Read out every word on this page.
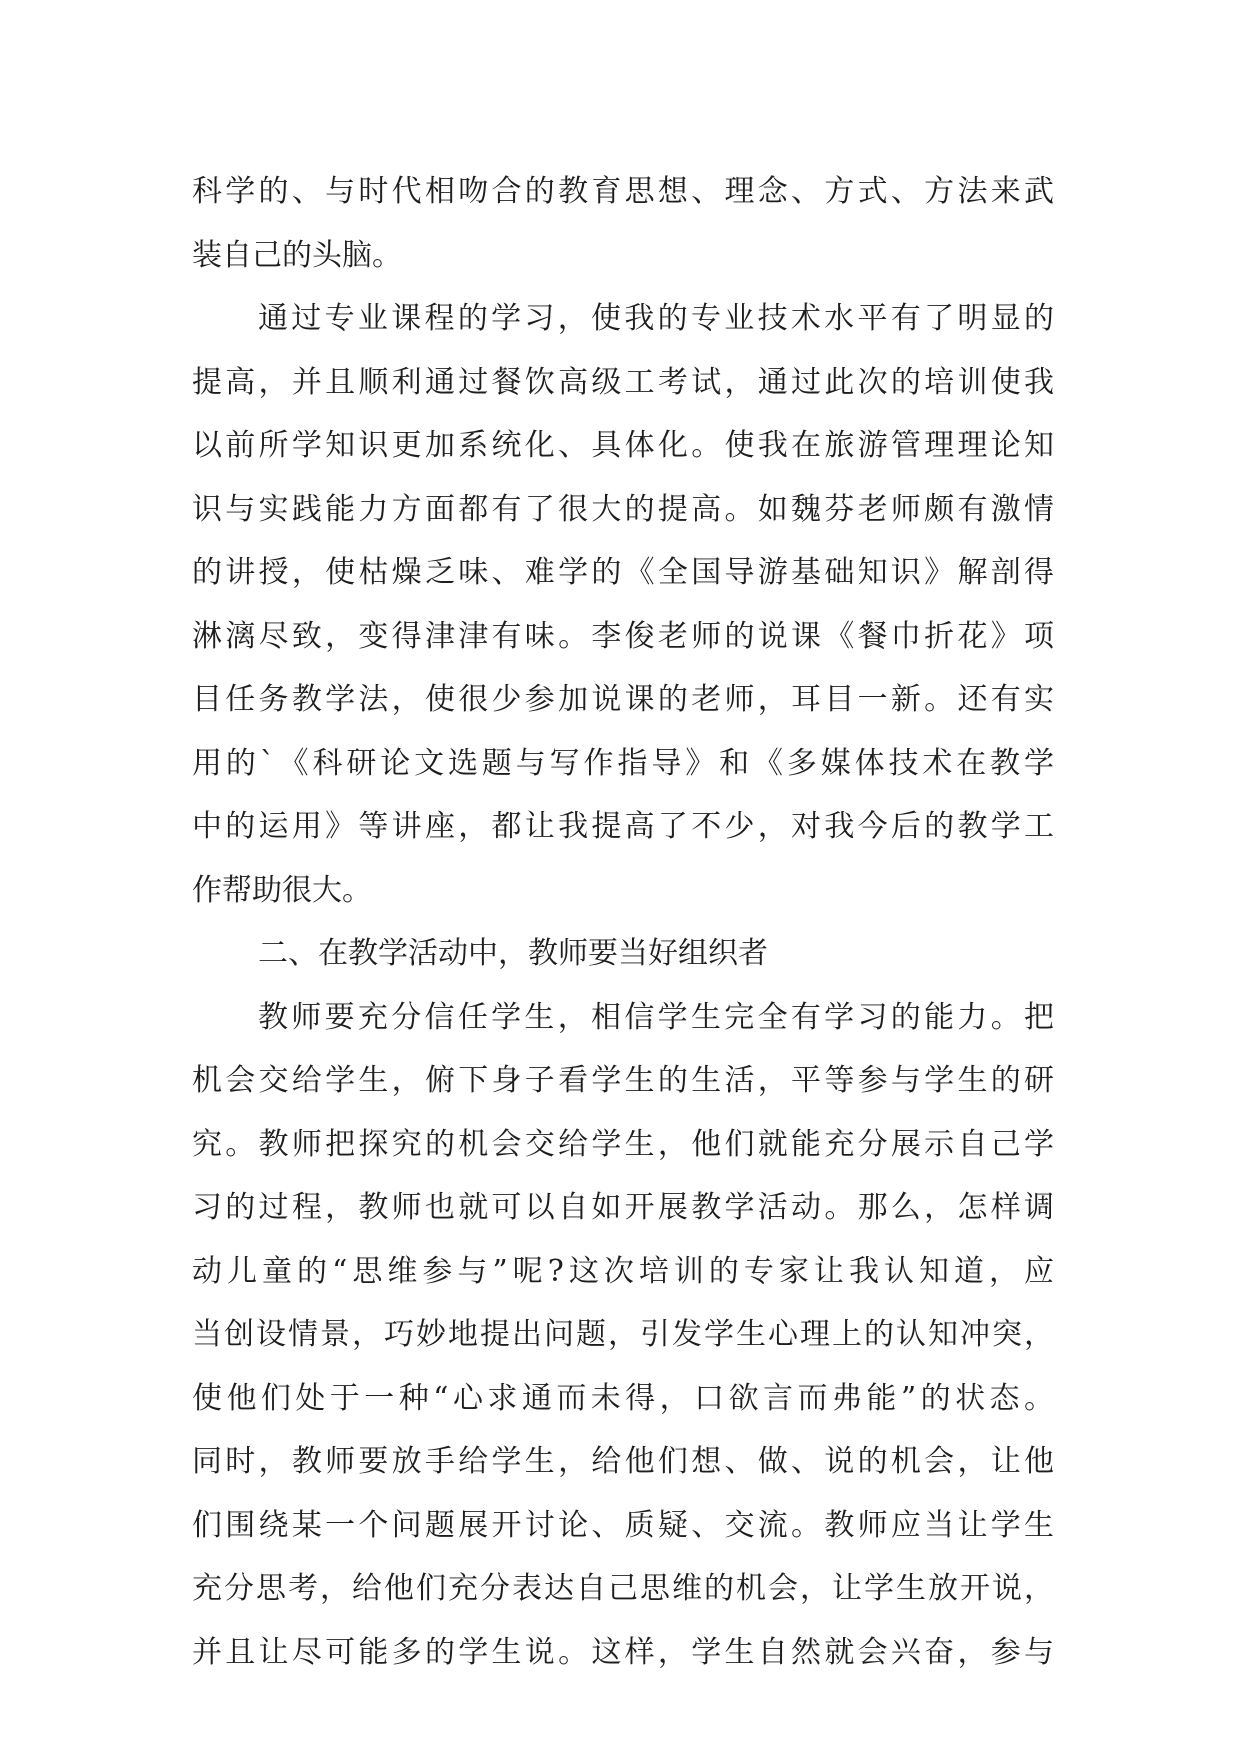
科学的、与时代相吻合的教育思想、理念、方式、方法来武
装自己的头脑。
通过专业课程的学习，使我的专业技术水平有了明显的
提高，并且顺利通过餐饮高级工考试，通过此次的培训使我
以前所学知识更加系统化、具体化。使我在旅游管理理论知
识与实践能力方面都有了很大的提高。如魏芬老师颇有激情
的讲授，使枯燥乏味、难学的《全国导游基础知识》解剖得
淋漓尽致，变得津津有味。李俊老师的说课《餐巾折花》项
目任务教学法，使很少参加说课的老师，耳目一新。还有实
用的`《科研论文选题与写作指导》和《多媒体技术在教学
中的运用》等讲座，都让我提高了不少，对我今后的教学工
作帮助很大。
二、在教学活动中，教师要当好组织者
教师要充分信任学生，相信学生完全有学习的能力。把
机会交给学生，俯下身子看学生的生活，平等参与学生的研
究。教师把探究的机会交给学生，他们就能充分展示自己学
习的过程，教师也就可以自如开展教学活动。那么，怎样调
动儿童的“思维参与”呢?这次培训的专家让我认知道，应
当创设情景，巧妙地提出问题，引发学生心理上的认知冲突，
使他们处于一种“心求通而未得，口欲言而弗能”的状态。
同时，教师要放手给学生，给他们想、做、说的机会，让他
们围绕某一个问题展开讨论、质疑、交流。教师应当让学生
充分思考，给他们充分表达自己思维的机会，让学生放开说，
并且让尽可能多的学生说。这样，学生自然就会兴奋，参与
